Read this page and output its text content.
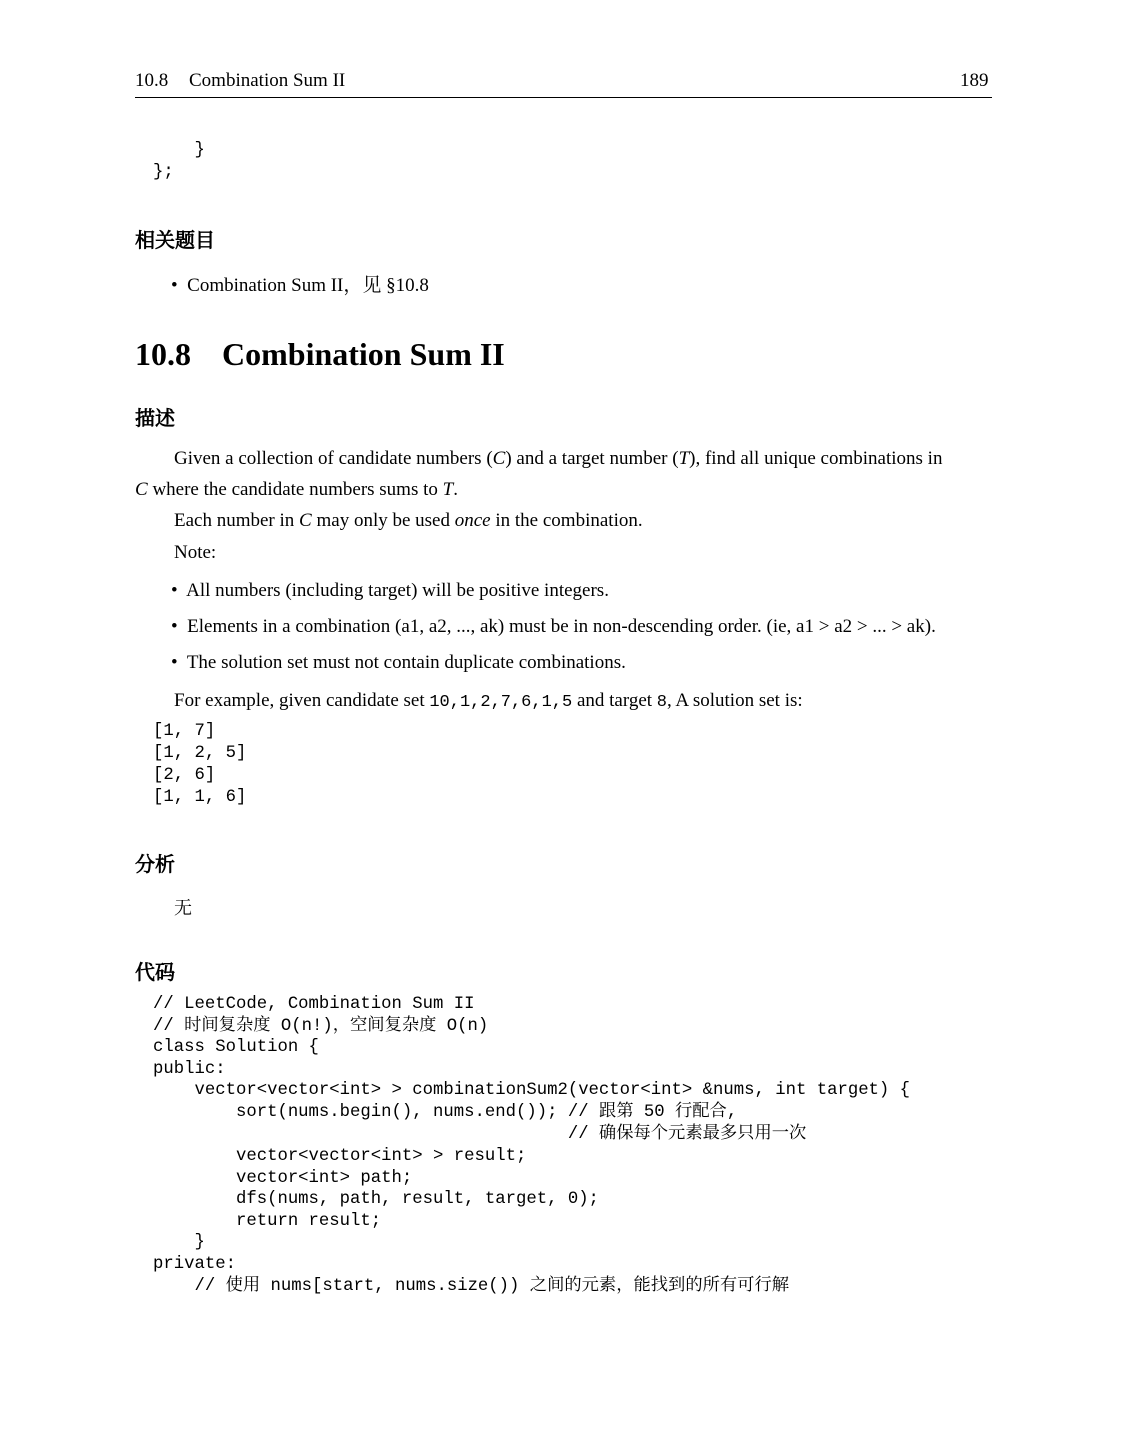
10.8 Combination Sum II	189
}
};
相关题目
•  Combination Sum II，见 §10.8
10.8 Combination Sum II
描述
Given a collection of candidate numbers (C) and a target number (T), find all unique combinations in
C where the candidate numbers sums to T.
Each number in C may only be used once in the combination.
Note:
•  All numbers (including target) will be positive integers.
•  Elements in a combination (a1, a2, ..., ak) must be in non-descending order. (ie, a1 > a2 > ... > ak).
•  The solution set must not contain duplicate combinations.
For example, given candidate set 10,1,2,7,6,1,5 and target 8, A solution set is:
[1, 7]
[1, 2, 5]
[2, 6]
[1, 1, 6]
分析
无
代码
// LeetCode, Combination Sum II
// 时间复杂度 O(n!)，空间复杂度 O(n)
class Solution {
public:
vector<vector<int> > combinationSum2(vector<int> &nums, int target) {
sort(nums.begin(), nums.end()); // 跟第 50 行配合,
// 确保每个元素最多只用一次
vector<vector<int> > result;
vector<int> path;
dfs(nums, path, result, target, 0);
return result;
}
private:
// 使用 nums[start, nums.size()) 之间的元素，能找到的所有可行解
